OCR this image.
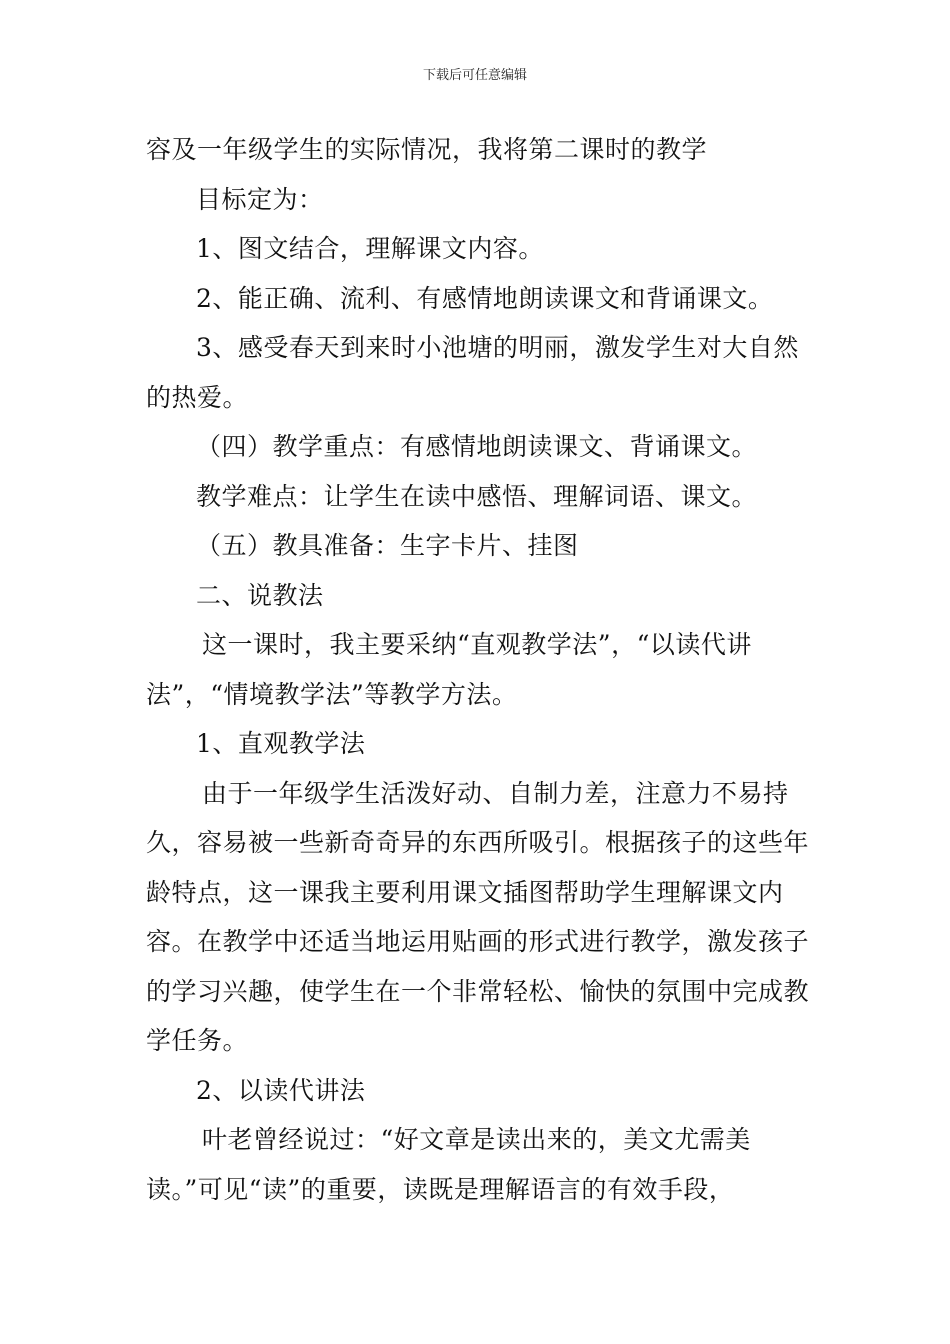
下载后可任意编辑

容及一年级学生的实际情况，我将第二课时的教学

目标定为：

1、图文结合，理解课文内容。

2、能正确、流利、有感情地朗读课文和背诵课文。

3、感受春天到来时小池塘的明丽，激发学生对大自然的热爱。

（四）教学重点：有感情地朗读课文、背诵课文。

教学难点：让学生在读中感悟、理解词语、课文。

（五）教具准备：生字卡片、挂图

二、说教法

这一课时，我主要采纳“直观教学法”，“以读代讲法”，“情境教学法”等教学方法。

1、直观教学法

由于一年级学生活泼好动、自制力差，注意力不易持久，容易被一些新奇奇异的东西所吸引。根据孩子的这些年龄特点，这一课我主要利用课文插图帮助学生理解课文内容。在教学中还适当地运用贴画的形式进行教学，激发孩子的学习兴趣，使学生在一个非常轻松、愉快的氛围中完成教学任务。

2、以读代讲法

叶老曾经说过：“好文章是读出来的，美文尤需美读。”可见“读”的重要，读既是理解语言的有效手段，
